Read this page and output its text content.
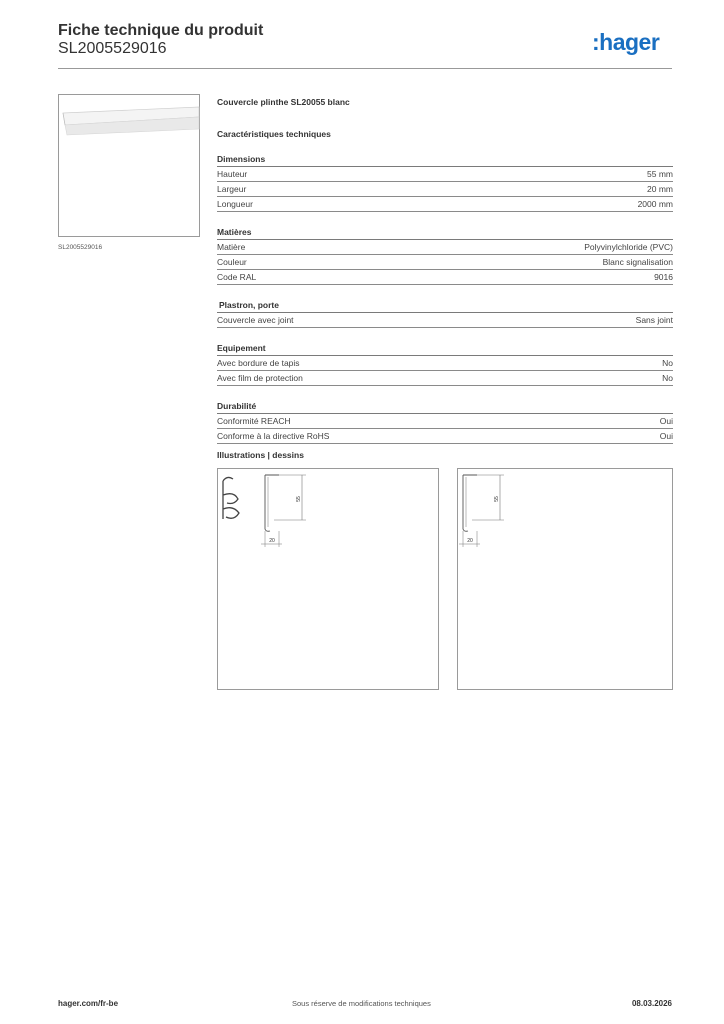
Fiche technique du produit
SL2005529016	:hager
SL2005529016
Couvercle plinthe SL20055 blanc
Caractéristiques techniques
Dimensions
Hauteur	55 mm
Largeur	20 mm
Longueur	2000 mm
Matières
Matière	Polyvinylchloride (PVC)
Couleur	Blanc signalisation
Code RAL	9016
Plastron, porte
Couvercle avec joint	Sans joint
Equipement
Avec bordure de tapis	No
Avec film de protection	No
Durabilité
Conformité REACH	Oui
Conforme à la directive RoHS	Oui
Illustrations | dessins
55
20
55
20
hager.com/fr-be	Sous réserve de modifications techniques	08.03.2026
